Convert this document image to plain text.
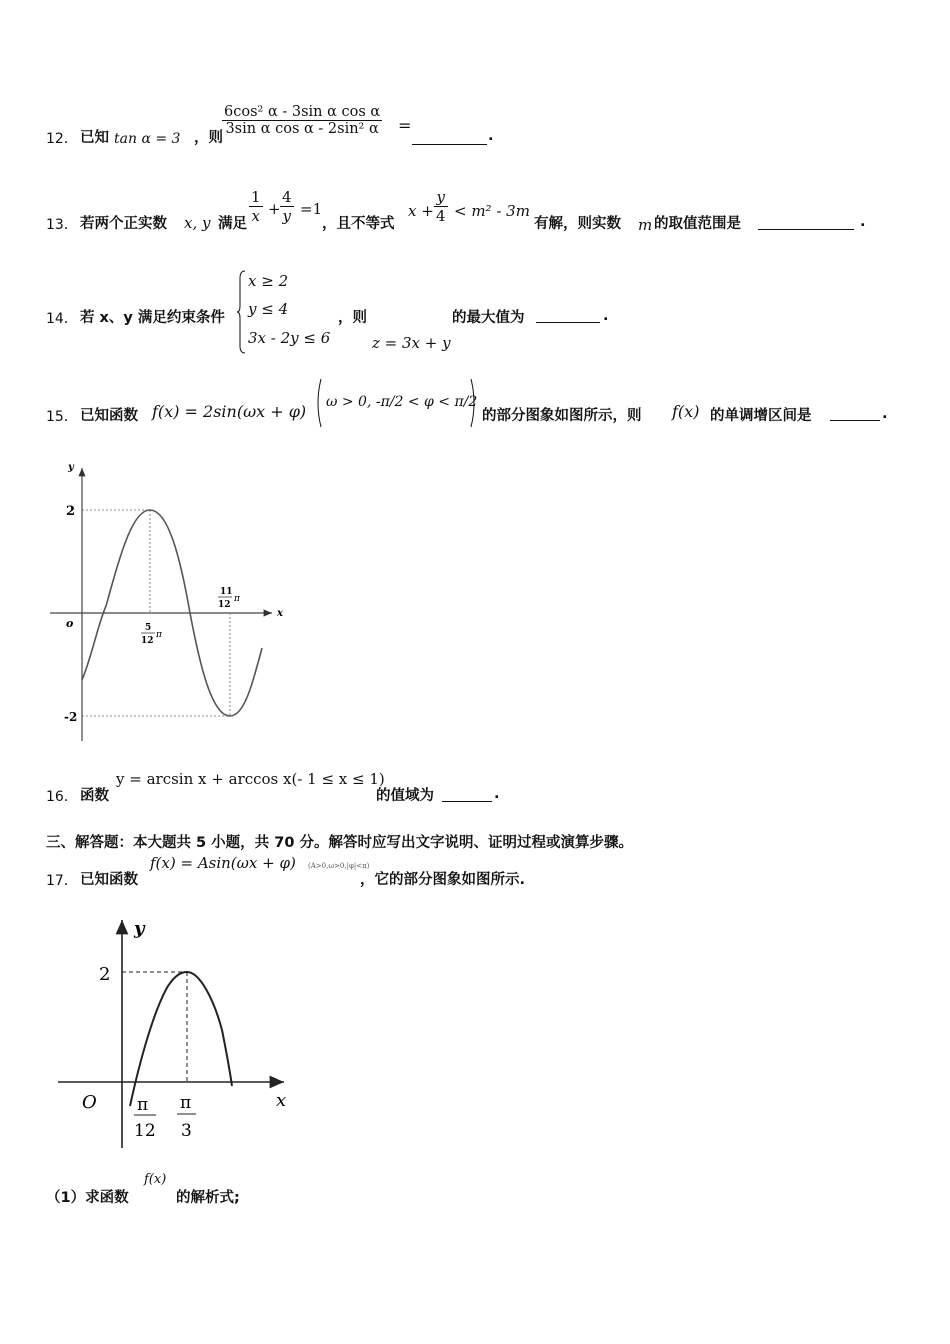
12． 已知 tan α = 3 ，则
$\frac{\text{6cos² α - 3sin α cos α}}{\text{3sin α cos α - 2sin² α}}$ =
.
13． 若两个正实数 x, y 满足 $\frac{1}{x} + \frac{4}{y} =1$
，且不等式
$x + \frac{y}{4} < m^2 - 3m$
有解，则实数 m 的取值范围是	.
14． 若 x、y 满足约束条件
x ≥ 2
y ≤ 4
3x - 2y ≤ 6
，则
z = 3x + y
的最大值为	.
15． 已知函数 f(x) = 2sin(ωx + φ) ω > 0, -π/2 < φ < π/2
的部分图象如图所示，则 f(x) 的单调增区间是	.
y
x
o
2
-2
5
12
π
11
12
π
16． 函数
y = arcsin x + arccos x(- 1 ≤ x ≤ 1)
的值域为	.
三、解答题：本大题共 5 小题，共 70 分。解答时应写出文字说明、证明过程或演算步骤。
17． 已知函数
f(x) = Asin(ωx + φ) (A>0,ω>0,|φ|<π)
，它的部分图象如图所示.
y
x
O
2
π
12
π
3
（1）求函数
f(x)
的解析式;
